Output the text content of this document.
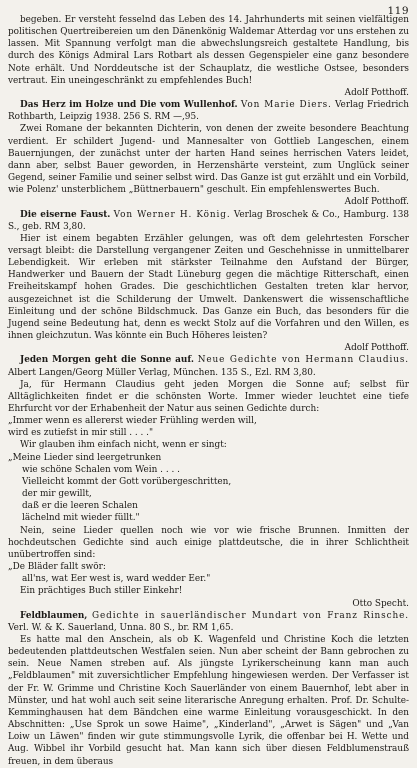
119

begeben. Er versteht fesselnd das Leben des 14. Jahrhunderts mit seinen vielfältigen politischen Quertreibereien um den Dänenkönig Waldemar Atterdag vor uns erstehen zu lassen. Mit Spannung verfolgt man die abwechslungsreich gestaltete Handlung, bis durch des Königs Admiral Lars Rotbart als dessen Gegenspieler eine ganz besondere Note erhält. Und Norddeutsche ist der Schauplatz, die westliche Ostsee, besonders vertraut. Ein uneingeschränkt zu empfehlendes Buch!

Adolf Potthoff.

Das Herz im Holze und Die vom Wullenhof. Von Marie Diers. Verlag Friedrich Rothbarth, Leipzig 1938. 256 S. RM —,95.

Zwei Romane der bekannten Dichterin, von denen der zweite besondere Beachtung verdient. Er schildert Jugend- und Mannesalter von Gottlieb Langeschen, einem Bauernjungen, der zunächst unter der harten Hand seines herrischen Vaters leidet, dann aber, selbst Bauer geworden, in Herzenshärte versteint, zum Unglück seiner Gegend, seiner Familie und seiner selbst wird. Das Ganze ist gut erzählt und ein Vorbild, wie Polenz' unsterblichem „Büttnerbauern" geschult. Ein empfehlenswertes Buch.

Adolf Potthoff.

Die eiserne Faust. Von Werner H. König. Verlag Broschek & Co., Hamburg. 138 S., geb. RM 3,80.

Hier ist einem begabten Erzähler gelungen, was oft dem gelehrtesten Forscher versagt bleibt: die Darstellung vergangener Zeiten und Geschehnisse in unmittelbarer Lebendigkeit. Wir erleben mit stärkster Teilnahme den Aufstand der Bürger, Handwerker und Bauern der Stadt Lüneburg gegen die mächtige Ritterschaft, einen Freiheitskampf hohen Grades. Die geschichtlichen Gestalten treten klar hervor, ausgezeichnet ist die Schilderung der Umwelt. Dankenswert die wissenschaftliche Einleitung und der schöne Bildschmuck. Das Ganze ein Buch, das besonders für die Jugend seine Bedeutung hat, denn es weckt Stolz auf die Vorfahren und den Willen, es ihnen gleichzutun. Was könnte ein Buch Höheres leisten?

Adolf Potthoff.

Jeden Morgen geht die Sonne auf. Neue Gedichte von Hermann Claudius. Albert Langen/Georg Müller Verlag, München. 135 S., Ezl. RM 3,80.

Ja, für Hermann Claudius geht jeden Morgen die Sonne auf; selbst für Alltäglichkeiten findet er die schönsten Worte. Immer wieder leuchtet eine tiefe Ehrfurcht vor der Erhabenheit der Natur aus seinen Gedichte durch:

„Immer wenn es allererst wieder Frühling werden will,
wird es zutiefst in mir still . . . ."

Wir glauben ihm einfach nicht, wenn er singt:

„Meine Lieder sind leergetrunken
wie schöne Schalen vom Wein . . . .
Vielleicht kommt der Gott vorübergeschritten,
der mir gewillt,
daß er die leeren Schalen
lächelnd mit wieder füllt."

Nein, seine Lieder quellen noch wie vor wie frische Brunnen. Inmitten der hochdeutschen Gedichte sind auch einige plattdeutsche, die in ihrer Schlichtheit unübertroffen sind:

„De Bläder fallt swör:
all'ns, wat Eer west is, ward wedder Eer."

Ein prächtiges Buch stiller Einkehr!

Otto Specht.

Feldblaumen, Gedichte in sauerländischer Mundart von Franz Rinsche. Verl. W. & K. Sauerland, Unna. 80 S., br. RM 1,65.

Es hatte mal den Anschein, als ob K. Wagenfeld und Christine Koch die letzten bedeutenden plattdeutschen Westfalen seien. Nun aber scheint der Bann gebrochen zu sein. Neue Namen streben auf. Als jüngste Lyrikerscheinung kann man auch „Feldblaumen" mit zuversichtlicher Empfehlung hingewiesen werden. Der Verfasser ist der Fr. W. Grimme und Christine Koch Sauerländer von einem Bauernhof, lebt aber in Münster, und hat wohl auch seit seine literarische Anregung erhalten. Prof. Dr. Schulte-Kemminghausen hat dem Bändchen eine warme Einleitung vorausgeschickt. In den Abschnitten: „Use Sprok un sowe Haime", „Kinderland", „Arwet is Sägen" und „Van Loiw un Läwen" finden wir gute stimmungsvolle Lyrik, die offenbar bei H. Wette und Aug. Wibbel ihr Vorbild gesucht hat. Man kann sich über diesen Feldblumenstrauß freuen, in dem überaus
